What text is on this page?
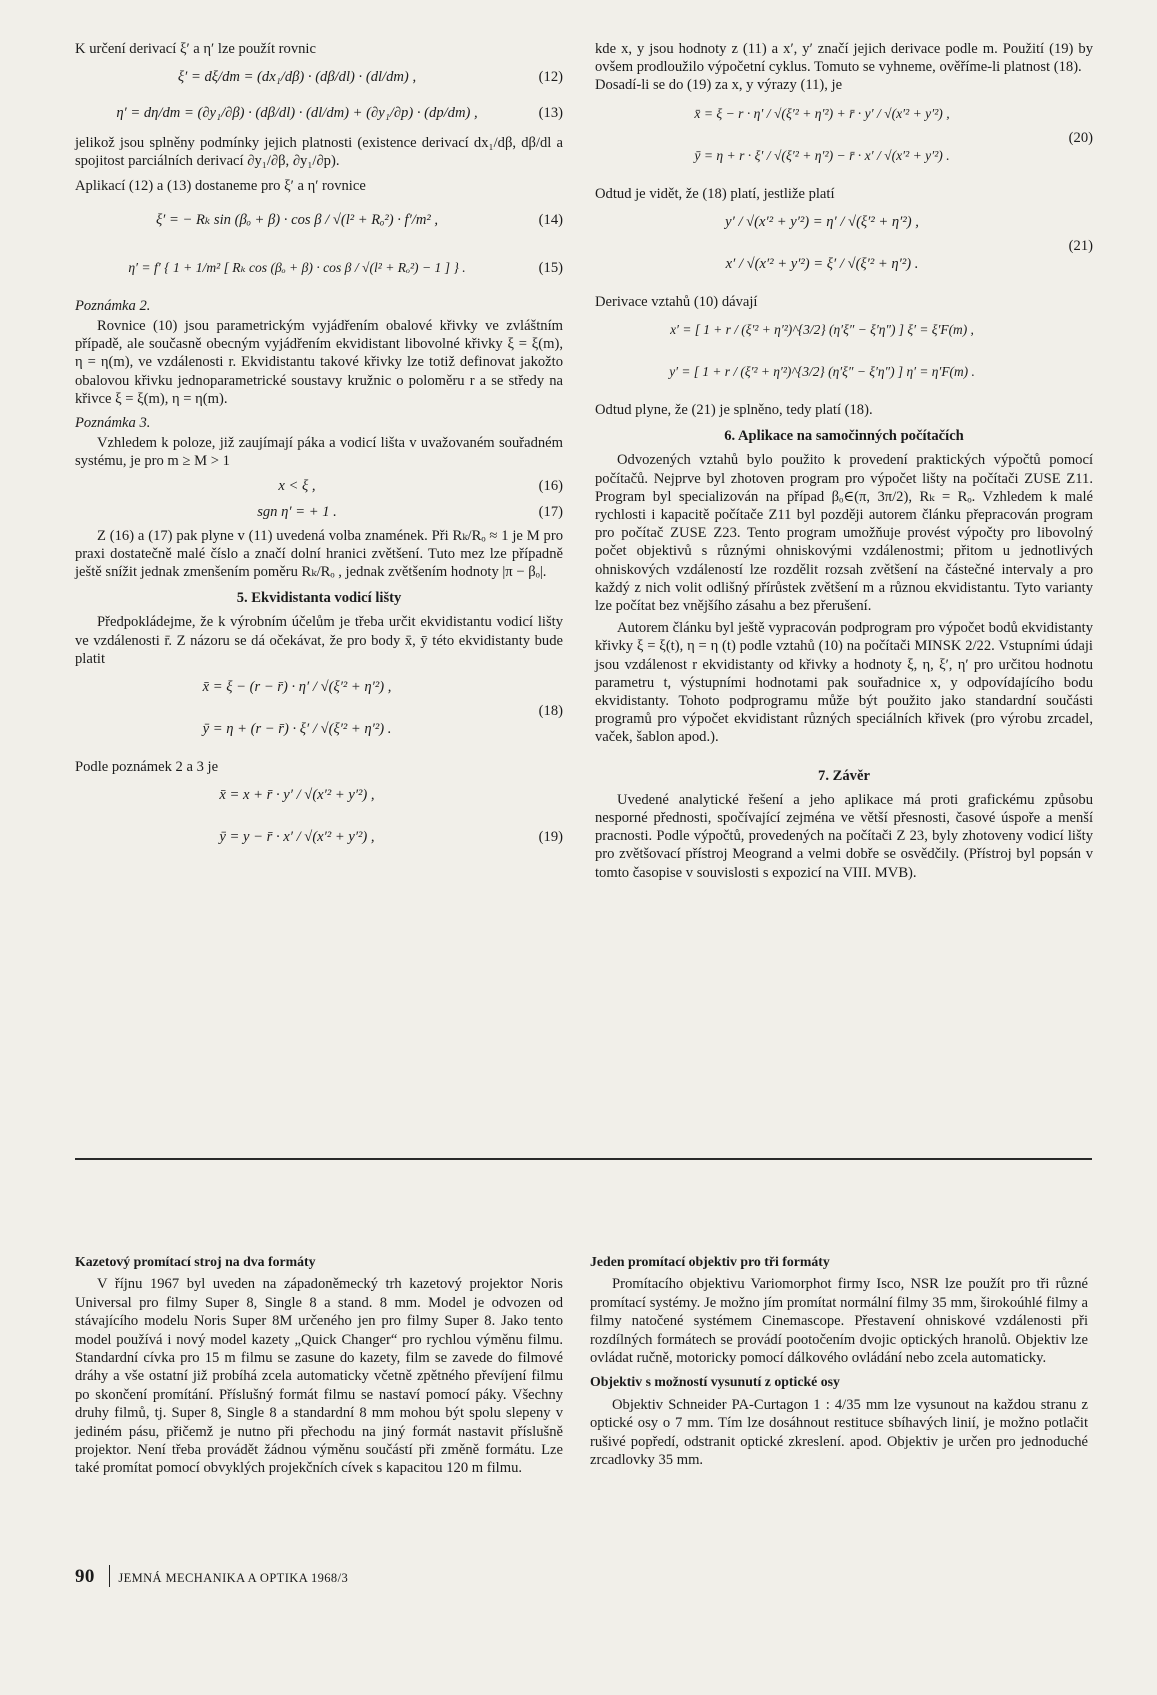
K určení derivací ξ′ a η′ lze použít rovnic

ξ′ = dξ/dm = (dx₁/dβ) · (dβ/dl) · (dl/dm) ,	(12)
η′ = dη/dm = (∂y₁/∂β) · (dβ/dl) · (dl/dm) + (∂y₁/∂p) · (dp/dm) ,	(13)

jelikož jsou splněny podmínky jejich platnosti (existence derivací dx₁/dβ, dβ/dl a spojitost parciálních derivací ∂y₁/∂β, ∂y₁/∂p).

Aplikací (12) a (13) dostaneme pro ξ′ a η′ rovnice

ξ′ = − Rₖ sin (βₒ + β) · cos β / √(l² + Rₒ²) · f′/m² ,	(14)
η′ = f′ { 1 + 1/m² [ Rₖ cos (βₒ + β) · cos β / √(l² + Rₒ²) − 1 ] } .	(15)

Poznámka 2.

Rovnice (10) jsou parametrickým vyjádřením obalové křivky ve zvláštním případě, ale současně obecným vyjádřením ekvidistant libovolné křivky ξ = ξ(m), η = η(m), ve vzdálenosti r. Ekvidistantu takové křivky lze totiž definovat jakožto obalovou křivku jednoparametrické soustavy kružnic o poloměru r a se středy na křivce ξ = ξ(m), η = η(m).

Poznámka 3.

Vzhledem k poloze, již zaujímají páka a vodicí lišta v uvažovaném souřadném systému, je pro m ≥ M > 1

x < ξ ,	(16)
sgn η′ = + 1 .	(17)

Z (16) a (17) pak plyne v (11) uvedená volba znamének. Při Rₖ/Rₒ ≈ 1 je M pro praxi dostatečně malé číslo a značí dolní hranici zvětšení. Tuto mez lze případně ještě snížit jednak zmenšením poměru Rₖ/Rₒ , jednak zvětšením hodnoty |π − βₒ|.

5. Ekvidistanta vodicí lišty

Předpokládejme, že k výrobním účelům je třeba určit ekvidistantu vodicí lišty ve vzdálenosti r̄. Z názoru se dá očekávat, že pro body x̄, ȳ této ekvidistanty bude platit

x̄ = ξ − (r − r̄) · η′ / √(ξ′² + η′²) ,
ȳ = η + (r − r̄) · ξ′ / √(ξ′² + η′²) .
(18)

Podle poznámek 2 a 3 je

x̄ = x + r̄ · y′ / √(x′² + y′²) ,
ȳ = y − r̄ · x′ / √(x′² + y′²) ,	(19)

kde x, y jsou hodnoty z (11) a x′, y′ značí jejich derivace podle m. Použití (19) by ovšem prodloužilo výpočetní cyklus. Tomuto se vyhneme, ověříme-li platnost (18).

Dosadí-li se do (19) za x, y výrazy (11), je

x̄ = ξ − r · η′ / √(ξ′² + η′²) + r̄ · y′ / √(x′² + y′²) ,
ȳ = η + r · ξ′ / √(ξ′² + η′²) − r̄ · x′ / √(x′² + y′²) .
(20)

Odtud je vidět, že (18) platí, jestliže platí

y′ / √(x′² + y′²) = η′ / √(ξ′² + η′²) ,
x′ / √(x′² + y′²) = ξ′ / √(ξ′² + η′²) .
(21)

Derivace vztahů (10) dávají

x′ = [ 1 + r / (ξ′² + η′²)^{3/2} (η′ξ″ − ξ′η″) ] ξ′ = ξ′F(m) ,
y′ = [ 1 + r / (ξ′² + η′²)^{3/2} (η′ξ″ − ξ′η″) ] η′ = η′F(m) .

Odtud plyne, že (21) je splněno, tedy platí (18).

6. Aplikace na samočinných počítačích

Odvozených vztahů bylo použito k provedení praktických výpočtů pomocí počítačů. Nejprve byl zhotoven program pro výpočet lišty na počítači ZUSE Z11. Program byl specializován na případ βₒ∈(π, 3π/2), Rₖ = Rₒ. Vzhledem k malé rychlosti i kapacitě počítače Z11 byl později autorem článku přepracován program pro počítač ZUSE Z23. Tento program umožňuje provést výpočty pro libovolný počet objektivů s různými ohniskovými vzdálenostmi; přitom u jednotlivých ohniskových vzdáleností lze rozdělit rozsah zvětšení na částečné intervaly a pro každý z nich volit odlišný přírůstek zvětšení m a různou ekvidistantu. Tyto varianty lze počítat bez vnějšího zásahu a bez přerušení.

Autorem článku byl ještě vypracován podprogram pro výpočet bodů ekvidistanty křivky ξ = ξ(t), η = η (t) podle vztahů (10) na počítači MINSK 2/22. Vstupními údaji jsou vzdálenost r ekvidistanty od křivky a hodnoty ξ, η, ξ′, η′ pro určitou hodnotu parametru t, výstupními hodnotami pak souřadnice x, y odpovídajícího bodu ekvidistanty. Tohoto podprogramu může být použito jako standardní součásti programů pro výpočet ekvidistant různých speciálních křivek (pro výrobu zrcadel, vaček, šablon apod.).

7. Závěr

Uvedené analytické řešení a jeho aplikace má proti grafickému způsobu nesporné přednosti, spočívající zejména ve větší přesnosti, časové úspoře a menší pracnosti. Podle výpočtů, provedených na počítači Z 23, byly zhotoveny vodicí lišty pro zvětšovací přístroj Meogrand a velmi dobře se osvědčily. (Přístroj byl popsán v tomto časopise v souvislosti s expozicí na VIII. MVB).

Kazetový promítací stroj na dva formáty

V říjnu 1967 byl uveden na západoněmecký trh kazetový projektor Noris Universal pro filmy Super 8, Single 8 a stand. 8 mm. Model je odvozen od stávajícího modelu Noris Super 8M určeného jen pro filmy Super 8. Jako tento model používá i nový model kazety „Quick Changer“ pro rychlou výměnu filmu. Standardní cívka pro 15 m filmu se zasune do kazety, film se zavede do filmové dráhy a vše ostatní již probíhá zcela automaticky včetně zpětného převíjení filmu po skončení promítání. Příslušný formát filmu se nastaví pomocí páky. Všechny druhy filmů, tj. Super 8, Single 8 a standardní 8 mm mohou být spolu slepeny v jediném pásu, přičemž je nutno při přechodu na jiný formát nastavit příslušně projektor. Není třeba provádět žádnou výměnu součástí při změně formátu. Lze také promítat pomocí obvyklých projekčních cívek s kapacitou 120 m filmu.

Jeden promítací objektiv pro tři formáty

Promítacího objektivu Variomorphot firmy Isco, NSR lze použít pro tři různé promítací systémy. Je možno jím promítat normální filmy 35 mm, širokoúhlé filmy a filmy natočené systémem Cinemascope. Přestavení ohniskové vzdálenosti při rozdílných formátech se provádí pootočením dvojic optických hranolů. Objektiv lze ovládat ručně, motoricky pomocí dálkového ovládání nebo zcela automaticky.

Objektiv s možností vysunutí z optické osy

Objektiv Schneider PA-Curtagon 1 : 4/35 mm lze vysunout na každou stranu z optické osy o 7 mm. Tím lze dosáhnout restituce sbíhavých linií, je možno potlačit rušivé popředí, odstranit optické zkreslení. apod. Objektiv je určen pro jednoduché zrcadlovky 35 mm.

90 JEMNÁ MECHANIKA A OPTIKA 1968/3
